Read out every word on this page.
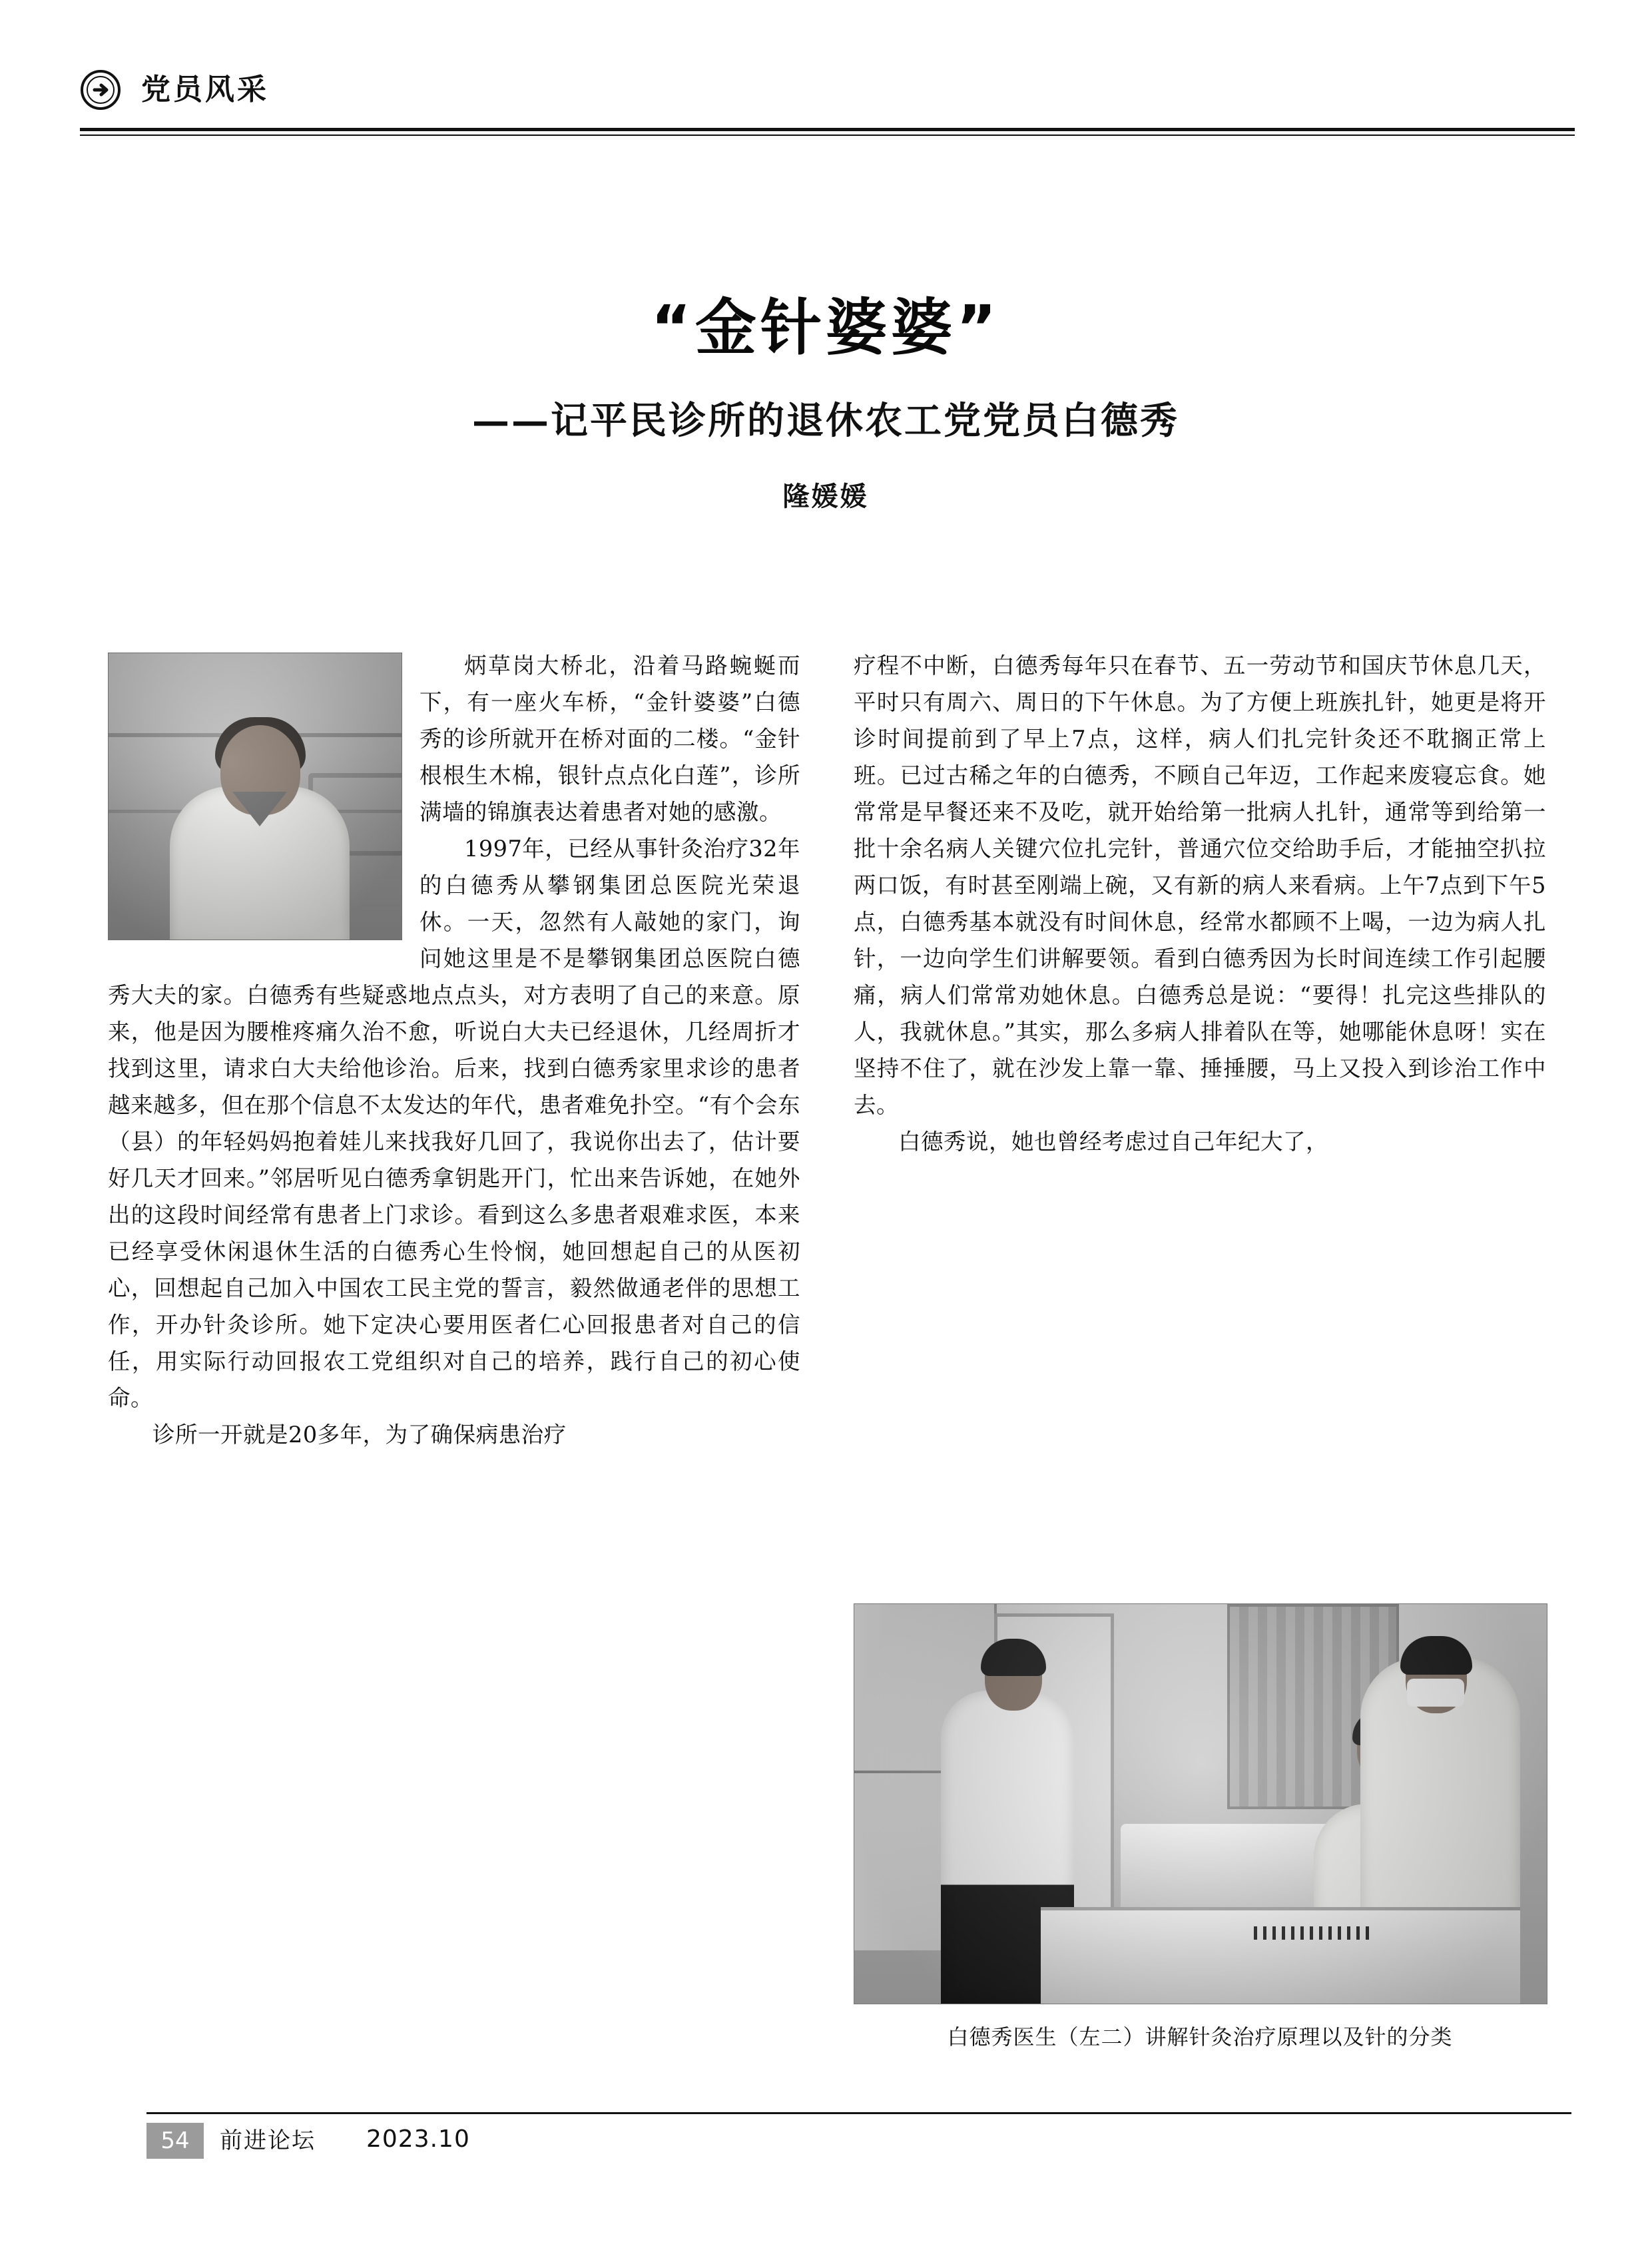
党员风采
“金针婆婆”
——记平民诊所的退休农工党党员白德秀
隆媛媛

炳草岗大桥北，沿着马路蜿蜒而下，有一座火车桥，“金针婆婆”白德秀的诊所就开在桥对面的二楼。“金针根根生木棉，银针点点化白莲”，诊所满墙的锦旗表达着患者对她的感激。

1997年，已经从事针灸治疗32年的白德秀从攀钢集团总医院光荣退休。一天，忽然有人敲她的家门，询问她这里是不是攀钢集团总医院白德秀大夫的家。白德秀有些疑惑地点点头，对方表明了自己的来意。原来，他是因为腰椎疼痛久治不愈，听说白大夫已经退休，几经周折才找到这里，请求白大夫给他诊治。后来，找到白德秀家里求诊的患者越来越多，但在那个信息不太发达的年代，患者难免扑空。“有个会东（县）的年轻妈妈抱着娃儿来找我好几回了，我说你出去了，估计要好几天才回来。”邻居听见白德秀拿钥匙开门，忙出来告诉她，在她外出的这段时间经常有患者上门求诊。看到这么多患者艰难求医，本来已经享受休闲退休生活的白德秀心生怜悯，她回想起自己的从医初心，回想起自己加入中国农工民主党的誓言，毅然做通老伴的思想工作，开办针灸诊所。她下定决心要用医者仁心回报患者对自己的信任，用实际行动回报农工党组织对自己的培养，践行自己的初心使命。

诊所一开就是20多年，为了确保病患治疗

疗程不中断，白德秀每年只在春节、五一劳动节和国庆节休息几天，平时只有周六、周日的下午休息。为了方便上班族扎针，她更是将开诊时间提前到了早上7点，这样，病人们扎完针灸还不耽搁正常上班。已过古稀之年的白德秀，不顾自己年迈，工作起来废寝忘食。她常常是早餐还来不及吃，就开始给第一批病人扎针，通常等到给第一批十余名病人关键穴位扎完针，普通穴位交给助手后，才能抽空扒拉两口饭，有时甚至刚端上碗，又有新的病人来看病。上午7点到下午5点，白德秀基本就没有时间休息，经常水都顾不上喝，一边为病人扎针，一边向学生们讲解要领。看到白德秀因为长时间连续工作引起腰痛，病人们常常劝她休息。白德秀总是说：“要得！扎完这些排队的人，我就休息。”其实，那么多病人排着队在等，她哪能休息呀！实在坚持不住了，就在沙发上靠一靠、捶捶腰，马上又投入到诊治工作中去。

白德秀说，她也曾经考虑过自己年纪大了，

白德秀医生（左二）讲解针灸治疗原理以及针的分类
54	前进论坛 2023.10
